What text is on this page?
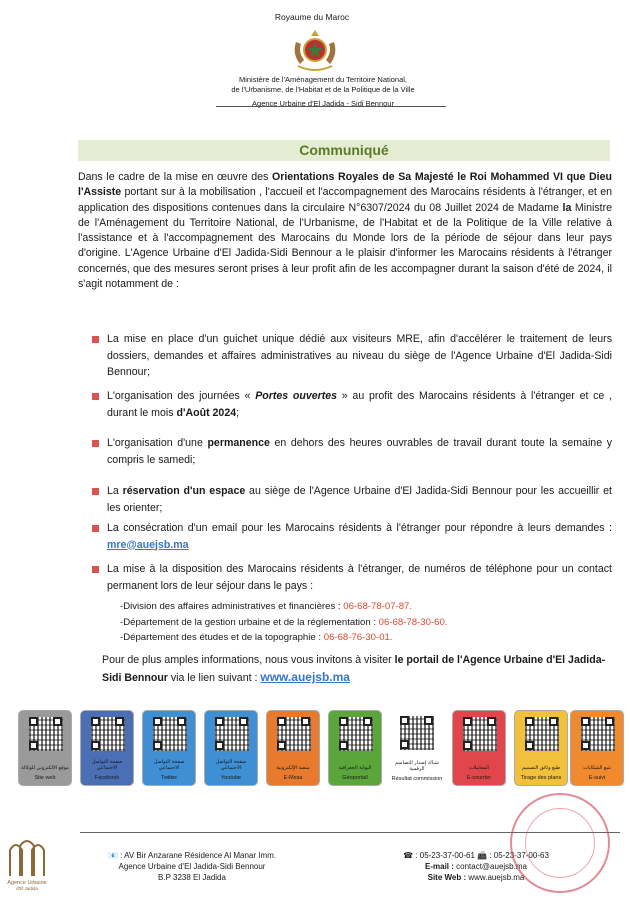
Royaume du Maroc
Ministère de l'Aménagement du Territoire National,
de l'Urbanisme, de l'Habitat et de la Politique de la Ville
Agence Urbaine d'El Jadida - Sidi Bennour
Communiqué

Dans le cadre de la mise en œuvre des Orientations Royales de Sa Majesté le Roi Mohammed VI que Dieu l'Assiste portant sur à la mobilisation , l'accueil et l'accompagnement des Marocains résidents à l'étranger, et en application des dispositions contenues dans la circulaire N°6307/2024 du 08 Juillet 2024 de Madame la Ministre de l'Aménagement du Territoire National, de l'Urbanisme, de l'Habitat et de la Politique de la Ville relative à l'assistance et à l'accompagnement des Marocains du Monde lors de la période de séjour dans leur pays d'origine. L'Agence Urbaine d'El Jadida-Sidi Bennour a le plaisir d'informer les Marocains résidents à l'étranger concernés, que des mesures seront prises à leur profit afin de les accompagner durant la saison d'été de 2024, il s'agit notamment de :

La mise en place d'un guichet unique dédié aux visiteurs MRE, afin d'accélérer le traitement de leurs dossiers, demandes et affaires administratives au niveau du siège de l'Agence Urbaine d'El Jadida-Sidi Bennour;

L'organisation des journées « Portes ouvertes » au profit des Marocains résidents à l'étranger et ce , durant le mois d'Août 2024;

L'organisation d'une permanence en dehors des heures ouvrables de travail durant toute la semaine y compris le samedi;

La réservation d'un espace au siège de l'Agence Urbaine d'El Jadida-Sidi Bennour pour les accueillir et les orienter;

La consécration d'un email pour les Marocains résidents à l'étranger pour répondre à leurs demandes : mre@auejsb.ma

La mise à la disposition des Marocains résidents à l'étranger, de numéros de téléphone pour un contact permanent lors de leur séjour dans le pays :

-Division des affaires administratives et financières : 06-68-78-07-87.
-Département de la gestion urbaine et de la réglementation : 06-68-78-30-60.
-Département des études et de la topographie : 06-68-76-30-01.

Pour de plus amples informations, nous vous invitons à visiter le portail de l'Agence Urbaine d'El Jadida-Sidi Bennour via le lien suivant : www.auejsb.ma

موقع الالكتروني للوكالة
Site web
صفحة التواصل الاجتماعي
Facebook
صفحة التواصل الاجتماعي
Twitter
صفحة التواصل الاجتماعي
Youtube
منصة الإلكترونية
E-Mssa
البوابة الجغرافية
Géoportail
شباك إصدار التصاميم الرقمية
Résultat commission
المعاملات
E-courrier
طبع وثائق التصميم
Tirage des plans
تتبع الشكايات
E-suivi
Agence Urbaine
d'El Jadida
📧 : AV Bir Anzarane Résidence Al Manar Imm.
Agence Urbaine d'El Jadida-Sidi Bennour
B.P 3238 El Jadida
☎ : 05-23-37-00-61 📠 : 05-23-37-00-63
E-mail : contact@auejsb.ma
Site Web : www.auejsb.ma
